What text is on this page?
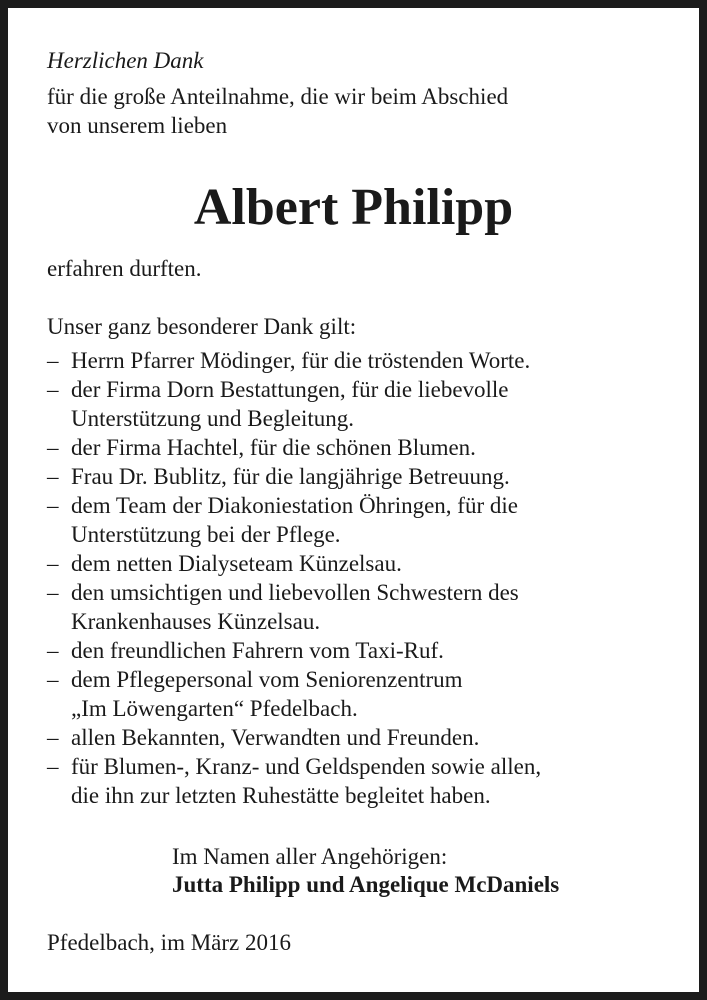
Herzlichen Dank
für die große Anteilnahme, die wir beim Abschied
von unserem lieben
Albert Philipp
erfahren durften.
Unser ganz besonderer Dank gilt:
– Herrn Pfarrer Mödinger, für die tröstenden Worte.
– der Firma Dorn Bestattungen, für die liebevolle
Unterstützung und Begleitung.
– der Firma Hachtel, für die schönen Blumen.
– Frau Dr. Bublitz, für die langjährige Betreuung.
– dem Team der Diakoniestation Öhringen, für die
Unterstützung bei der Pflege.
– dem netten Dialyseteam Künzelsau.
– den umsichtigen und liebevollen Schwestern des
Krankenhauses Künzelsau.
– den freundlichen Fahrern vom Taxi-Ruf.
– dem Pflegepersonal vom Seniorenzentrum
„Im Löwengarten“ Pfedelbach.
– allen Bekannten, Verwandten und Freunden.
– für Blumen-, Kranz- und Geldspenden sowie allen,
die ihn zur letzten Ruhestätte begleitet haben.
Im Namen aller Angehörigen:
Jutta Philipp und Angelique McDaniels
Pfedelbach, im März 2016
